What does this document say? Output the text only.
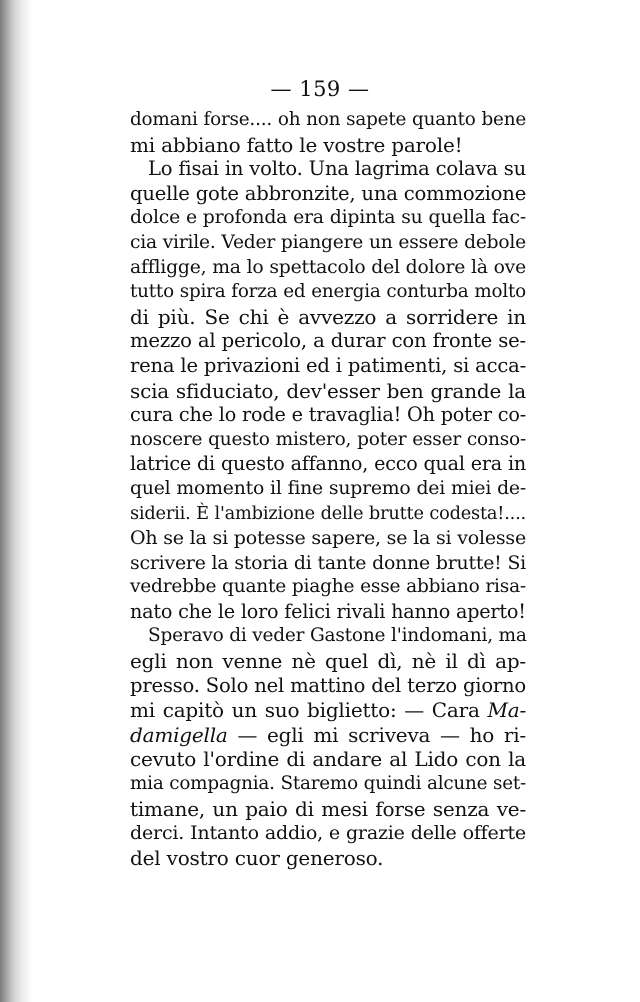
— 159 —
domani forse.... oh non sapete quanto bene
mi abbiano fatto le vostre parole!
Lo fisai in volto. Una lagrima colava su
quelle gote abbronzite, una commozione
dolce e profonda era dipinta su quella fac-
cia virile. Veder piangere un essere debole
affligge, ma lo spettacolo del dolore là ove
tutto spira forza ed energia conturba molto
di più. Se chi è avvezzo a sorridere in
mezzo al pericolo, a durar con fronte se-
rena le privazioni ed i patimenti, si acca-
scia sfiduciato, dev'esser ben grande la
cura che lo rode e travaglia! Oh poter co-
noscere questo mistero, poter esser conso-
latrice di questo affanno, ecco qual era in
quel momento il fine supremo dei miei de-
siderii. È l'ambizione delle brutte codesta!....
Oh se la si potesse sapere, se la si volesse
scrivere la storia di tante donne brutte! Si
vedrebbe quante piaghe esse abbiano risa-
nato che le loro felici rivali hanno aperto!
Speravo di veder Gastone l'indomani, ma
egli non venne nè quel dì, nè il dì ap-
presso. Solo nel mattino del terzo giorno
mi capitò un suo biglietto: — Cara Ma-
damigella — egli mi scriveva — ho ri-
cevuto l'ordine di andare al Lido con la
mia compagnia. Staremo quindi alcune set-
timane, un paio di mesi forse senza ve-
derci. Intanto addio, e grazie delle offerte
del vostro cuor generoso.
